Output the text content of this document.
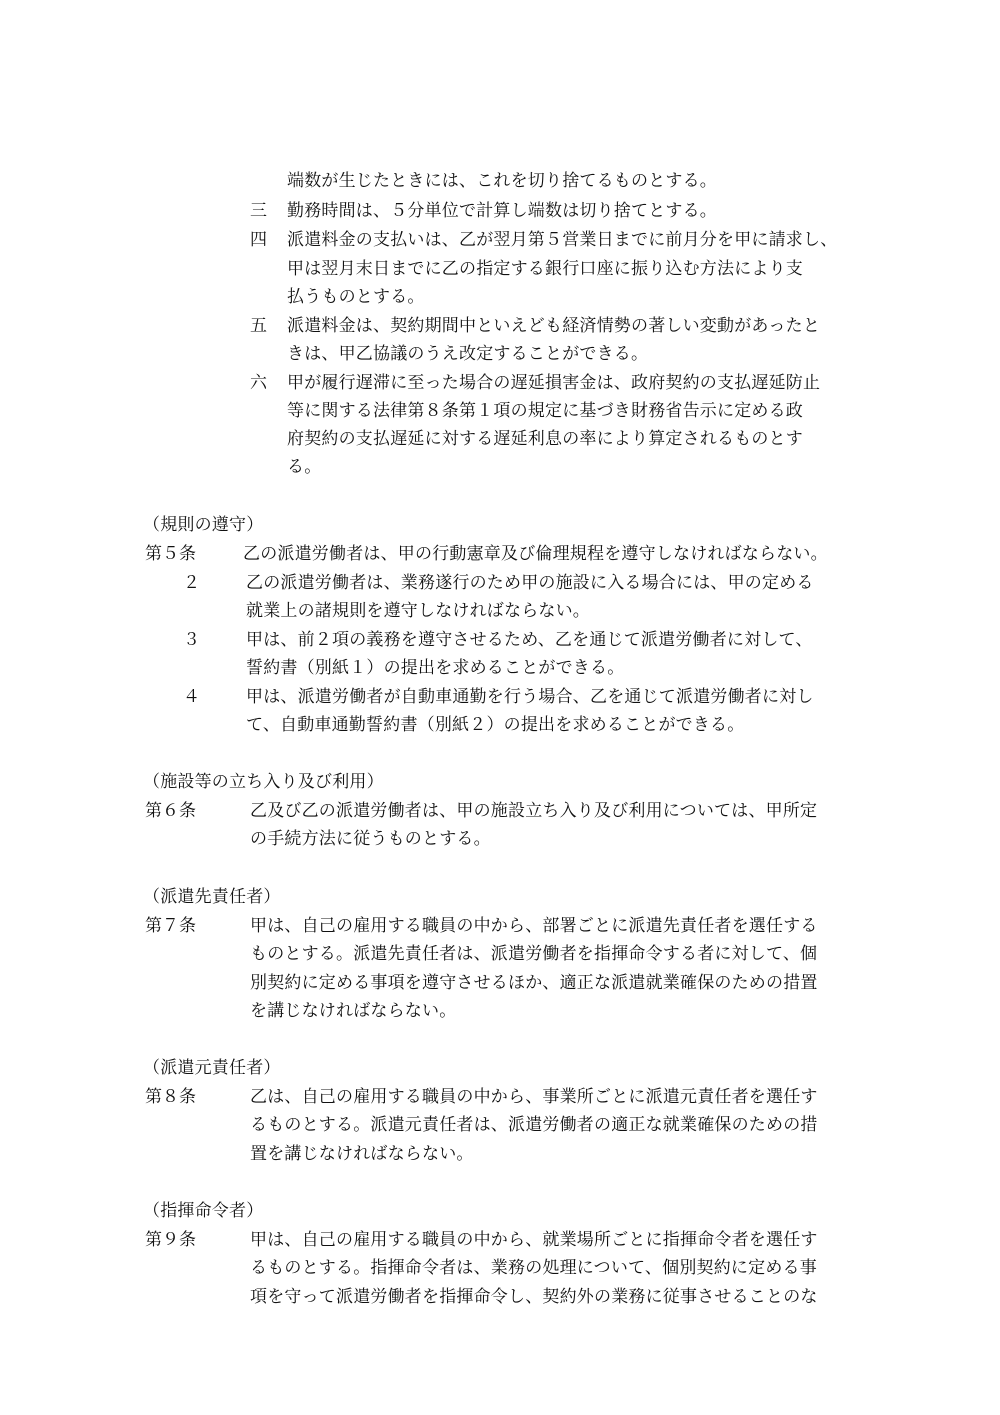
端数が生じたときには、これを切り捨てるものとする。
三 勤務時間は、５分単位で計算し端数は切り捨てとする。
四 派遣料金の支払いは、乙が翌月第５営業日までに前月分を甲に請求し、
甲は翌月末日までに乙の指定する銀行口座に振り込む方法により支
払うものとする。
五 派遣料金は、契約期間中といえども経済情勢の著しい変動があったと
きは、甲乙協議のうえ改定することができる。
六 甲が履行遅滞に至った場合の遅延損害金は、政府契約の支払遅延防止
等に関する法律第８条第１項の規定に基づき財務省告示に定める政
府契約の支払遅延に対する遅延利息の率により算定されるものとす
る。
（規則の遵守）
第５条	乙の派遣労働者は、甲の行動憲章及び倫理規程を遵守しなければならない。
２	乙の派遣労働者は、業務遂行のため甲の施設に入る場合には、甲の定める
就業上の諸規則を遵守しなければならない。
３	甲は、前２項の義務を遵守させるため、乙を通じて派遣労働者に対して、
誓約書（別紙１）の提出を求めることができる。
４	甲は、派遣労働者が自動車通勤を行う場合、乙を通じて派遣労働者に対し
て、自動車通勤誓約書（別紙２）の提出を求めることができる。
（施設等の立ち入り及び利用）
第６条	乙及び乙の派遣労働者は、甲の施設立ち入り及び利用については、甲所定
の手続方法に従うものとする。
（派遣先責任者）
第７条	甲は、自己の雇用する職員の中から、部署ごとに派遣先責任者を選任する
ものとする。派遣先責任者は、派遣労働者を指揮命令する者に対して、個
別契約に定める事項を遵守させるほか、適正な派遣就業確保のための措置
を講じなければならない。
（派遣元責任者）
第８条	乙は、自己の雇用する職員の中から、事業所ごとに派遣元責任者を選任す
るものとする。派遣元責任者は、派遣労働者の適正な就業確保のための措
置を講じなければならない。
（指揮命令者）
第９条	甲は、自己の雇用する職員の中から、就業場所ごとに指揮命令者を選任す
るものとする。指揮命令者は、業務の処理について、個別契約に定める事
項を守って派遣労働者を指揮命令し、契約外の業務に従事させることのな
